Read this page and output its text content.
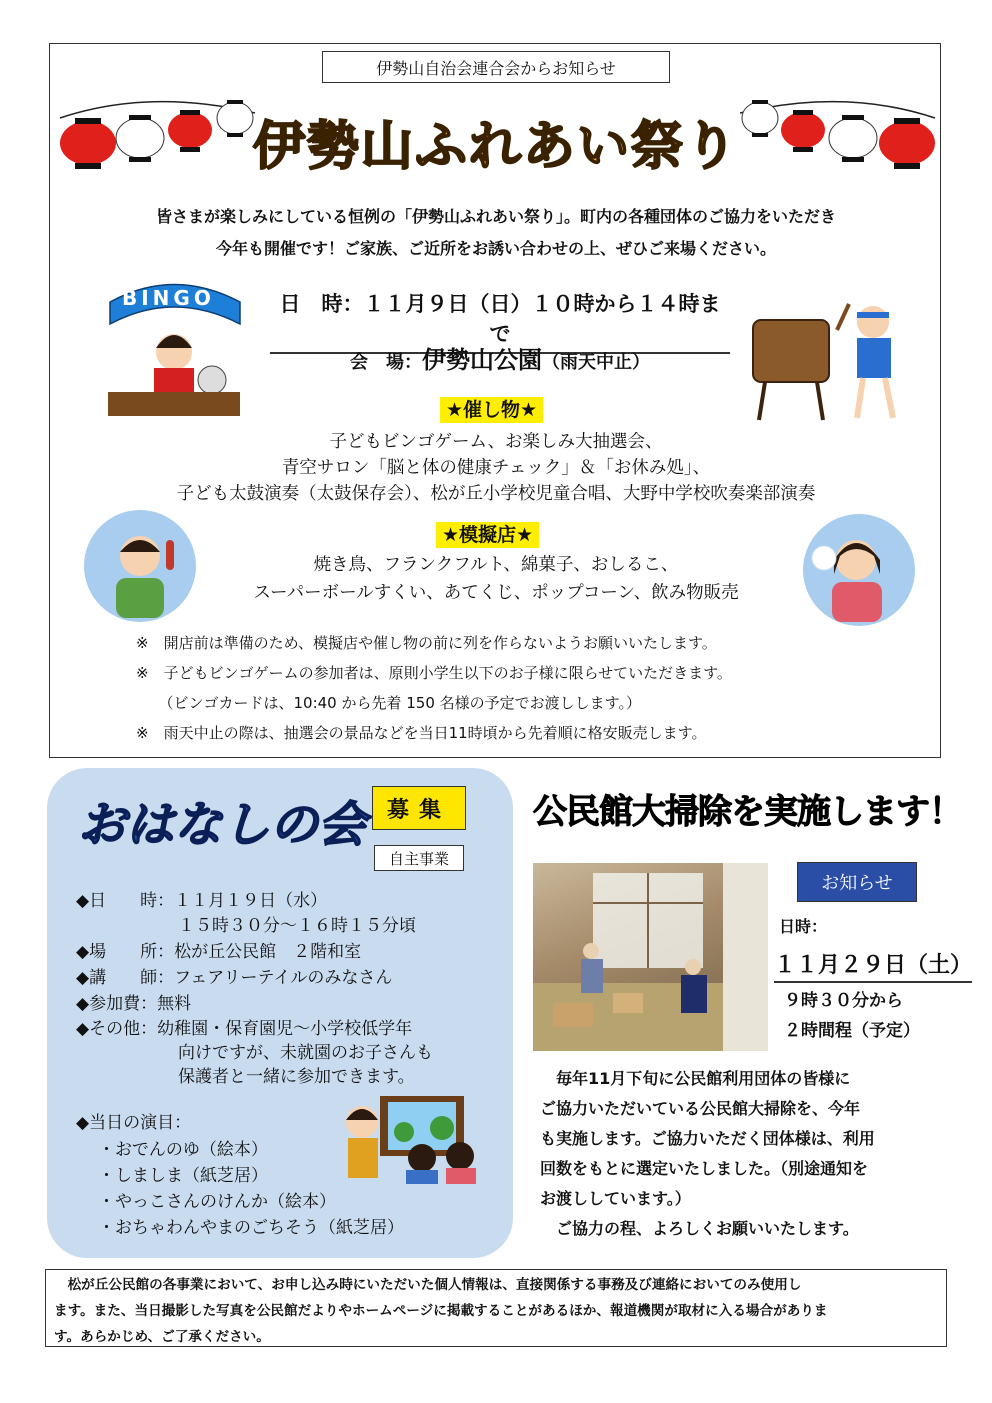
伊勢山自治会連合会からお知らせ
伊勢山ふれあい祭り
皆さまが楽しみにしている恒例の「伊勢山ふれあい祭り」。町内の各種団体のご協力をいただき
今年も開催です！ご家族、ご近所をお誘い合わせの上、ぜひご来場ください。
BINGO	日　時：１１月９日（日）１０時から１４時まで
会　場：伊勢山公園（雨天中止）
★催し物★
子どもビンゴゲーム、お楽しみ大抽選会、
青空サロン「脳と体の健康チェック」＆「お休み処」、
子ども太鼓演奏（太鼓保存会）、松が丘小学校児童合唱、大野中学校吹奏楽部演奏
★模擬店★
焼き鳥、フランクフルト、綿菓子、おしるこ、
スーパーボールすくい、あてくじ、ポップコーン、飲み物販売
※　開店前は準備のため、模擬店や催し物の前に列を作らないようお願いいたします。
※　子どもビンゴゲームの参加者は、原則小学生以下のお子様に限らせていただきます。
　　（ビンゴカードは、10:40 から先着 150 名様の予定でお渡しします。）
※　雨天中止の際は、抽選会の景品などを当日11時頃から先着順に格安販売します。
おはなしの会 募集
自主事業
◆日　　時：１１月１９日（水）
　　　　　　１５時３０分～１６時１５分頃
◆場　　所：松が丘公民館　２階和室
◆講　　師：フェアリーテイルのみなさん
◆参加費：無料
◆その他：幼稚園・保育園児～小学校低学年
　　　　　　向けですが、未就園のお子さんも
　　　　　　保護者と一緒に参加できます。
◆当日の演目：
・おでんのゆ（絵本）
・しましま（紙芝居）
・やっこさんのけんか（絵本）
・おちゃわんやまのごちそう（紙芝居）
公民館大掃除を実施します！
お知らせ
日時：
１１月２９日（土）
９時３０分から
２時間程（予定）
　毎年11月下旬に公民館利用団体の皆様に
ご協力いただいている公民館大掃除を、今年
も実施します。ご協力いただく団体様は、利用
回数をもとに選定いたしました。（別途通知を
お渡ししています。）
　ご協力の程、よろしくお願いいたします。
　松が丘公民館の各事業において、お申し込み時にいただいた個人情報は、直接関係する事務及び連絡においてのみ使用し
ます。また、当日撮影した写真を公民館だよりやホームページに掲載することがあるほか、報道機関が取材に入る場合がありま
す。あらかじめ、ご了承ください。
